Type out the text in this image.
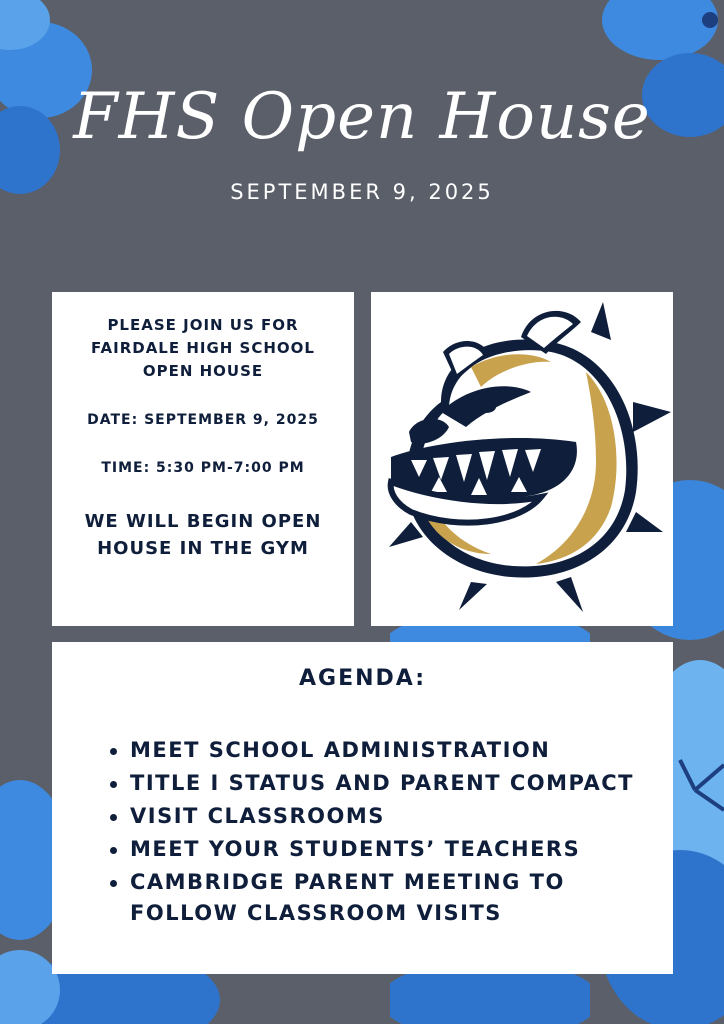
FHS Open House
SEPTEMBER 9, 2025
PLEASE JOIN US FOR
FAIRDALE HIGH SCHOOL
OPEN HOUSE
DATE: SEPTEMBER 9, 2025
TIME: 5:30 PM-7:00 PM
WE WILL BEGIN OPEN
HOUSE IN THE GYM
AGENDA:
MEET SCHOOL ADMINISTRATION
TITLE I STATUS AND PARENT COMPACT
VISIT CLASSROOMS
MEET YOUR STUDENTS’ TEACHERS
CAMBRIDGE PARENT MEETING TO
FOLLOW CLASSROOM VISITS
